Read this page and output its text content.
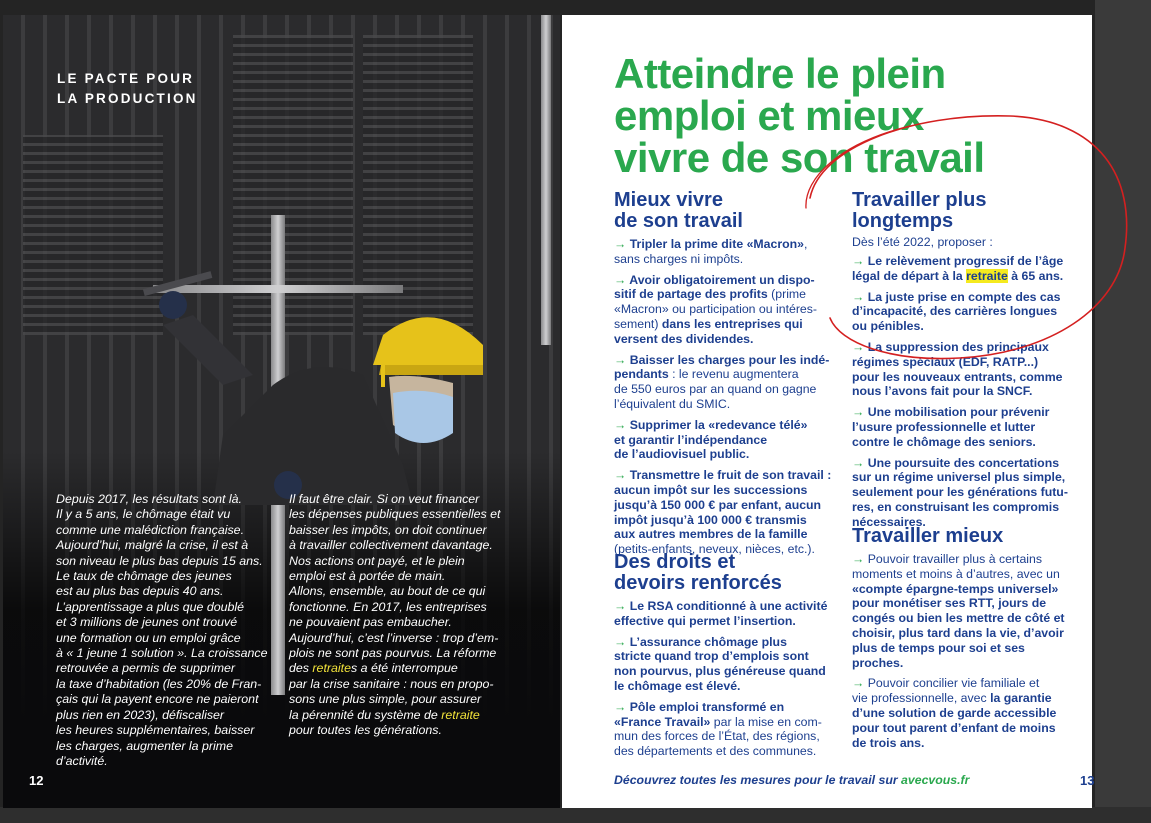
LE PACTE POUR
LA PRODUCTION
Depuis 2017, les résultats sont là.
Il y a 5 ans, le chômage était vu
comme une malédiction française.
Aujourd’hui, malgré la crise, il est à
son niveau le plus bas depuis 15 ans.
Le taux de chômage des jeunes
est au plus bas depuis 40 ans.
L’apprentissage a plus que doublé
et 3 millions de jeunes ont trouvé
une formation ou un emploi grâce
à « 1 jeune 1 solution ». La croissance
retrouvée a permis de supprimer
la taxe d’habitation (les 20% de Fran-
çais qui la payent encore ne paieront
plus rien en 2023), défiscaliser
les heures supplémentaires, baisser
les charges, augmenter la prime
d’activité.
Il faut être clair. Si on veut financer
les dépenses publiques essentielles et
baisser les impôts, on doit continuer
à travailler collectivement davantage.
Nos actions ont payé, et le plein
emploi est à portée de main.
Allons, ensemble, au bout de ce qui
fonctionne. En 2017, les entreprises
ne pouvaient pas embaucher.
Aujourd’hui, c’est l’inverse : trop d’em-
plois ne sont pas pourvus. La réforme
des retraites a été interrompue
par la crise sanitaire : nous en propo-
sons une plus simple, pour assurer
la pérennité du système de retraite
pour toutes les générations.
12
Atteindre le plein
emploi et mieux
vivre de son travail
Mieux vivre
de son travail
→ Tripler la prime dite «Macron»,
sans charges ni impôts.
→ Avoir obligatoirement un dispo-
sitif de partage des profits (prime
«Macron» ou participation ou intéres-
sement) dans les entreprises qui
versent des dividendes.
→ Baisser les charges pour les indé-
pendants : le revenu augmentera
de 550 euros par an quand on gagne
l’équivalent du SMIC.
→ Supprimer la «redevance télé»
et garantir l’indépendance
de l’audiovisuel public.
→ Transmettre le fruit de son travail :
aucun impôt sur les successions
jusqu’à 150 000 € par enfant, aucun
impôt jusqu’à 100 000 € transmis
aux autres membres de la famille
(petits-enfants, neveux, nièces, etc.).
Des droits et
devoirs renforcés
→ Le RSA conditionné à une activité
effective qui permet l’insertion.
→ L’assurance chômage plus
stricte quand trop d’emplois sont
non pourvus, plus généreuse quand
le chômage est élevé.
→ Pôle emploi transformé en
«France Travail» par la mise en com-
mun des forces de l’État, des régions,
des départements et des communes.
Travailler plus
longtemps
Dès l’été 2022, proposer :
→ Le relèvement progressif de l’âge
légal de départ à la retraite à 65 ans.
→ La juste prise en compte des cas
d’incapacité, des carrières longues
ou pénibles.
→ La suppression des principaux
régimes spéciaux (EDF, RATP...)
pour les nouveaux entrants, comme
nous l’avons fait pour la SNCF.
→ Une mobilisation pour prévenir
l’usure professionnelle et lutter
contre le chômage des seniors.
→ Une poursuite des concertations
sur un régime universel plus simple,
seulement pour les générations futu-
res, en construisant les compromis
nécessaires.
Travailler mieux
→ Pouvoir travailler plus à certains
moments et moins à d’autres, avec un
«compte épargne-temps universel»
pour monétiser ses RTT, jours de
congés ou bien les mettre de côté et
choisir, plus tard dans la vie, d’avoir
plus de temps pour soi et ses
proches.
→ Pouvoir concilier vie familiale et
vie professionnelle, avec la garantie
d’une solution de garde accessible
pour tout parent d’enfant de moins
de trois ans.
Découvrez toutes les mesures pour le travail sur avecvous.fr	13
